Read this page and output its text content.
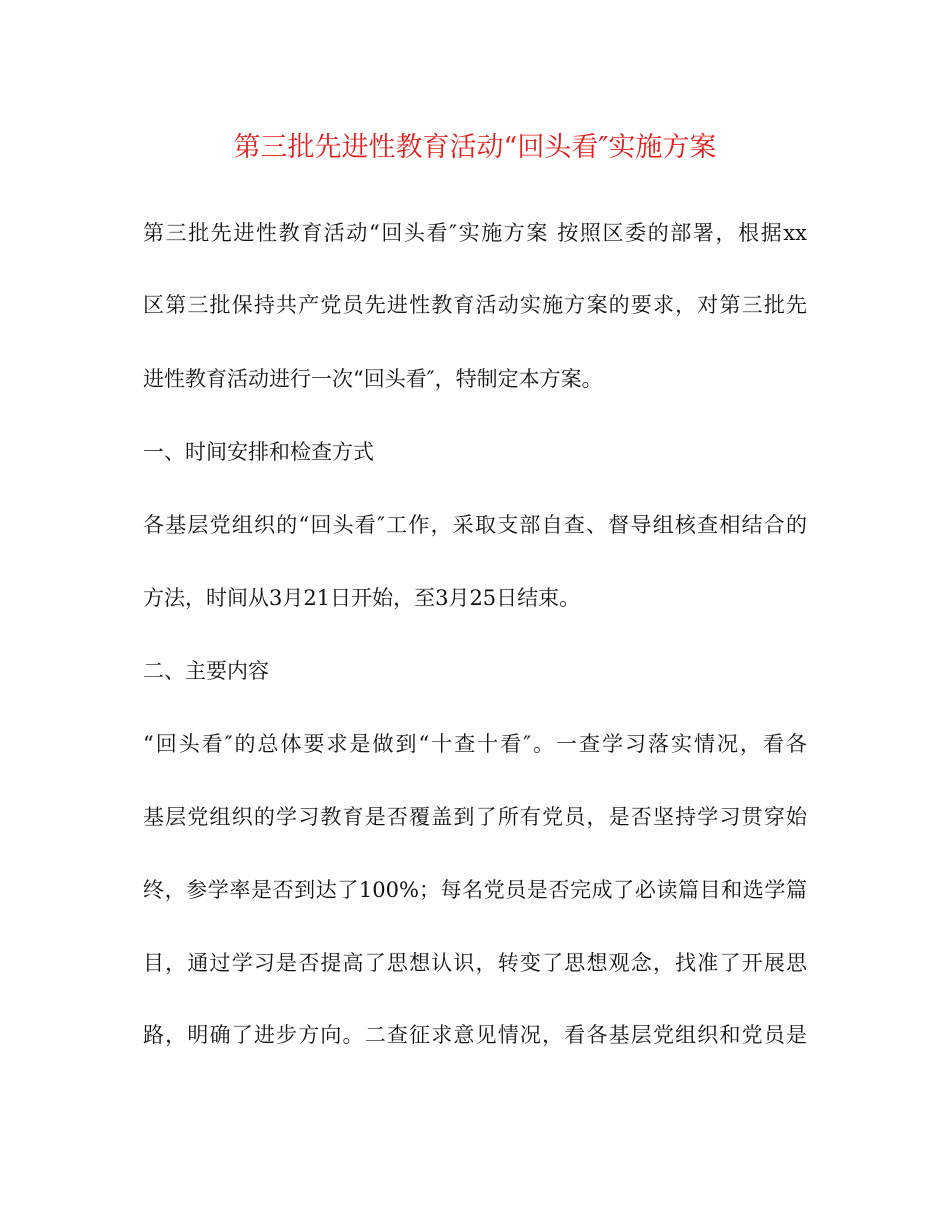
第三批先进性教育活动“回头看″实施方案
第三批先进性教育活动“回头看″实施方案 按照区委的部署，根据xx
区第三批保持共产党员先进性教育活动实施方案的要求，对第三批先
进性教育活动进行一次“回头看″，特制定本方案。
一、时间安排和检查方式
各基层党组织的“回头看″工作，采取支部自查、督导组核查相结合的
方法，时间从3月21日开始，至3月25日结束。
二、主要内容
“回头看″的总体要求是做到“十查十看″。一查学习落实情况，看各
基层党组织的学习教育是否覆盖到了所有党员，是否坚持学习贯穿始
终，参学率是否到达了100%；每名党员是否完成了必读篇目和选学篇
目，通过学习是否提高了思想认识，转变了思想观念，找准了开展思
路，明确了进步方向。二查征求意见情况，看各基层党组织和党员是
